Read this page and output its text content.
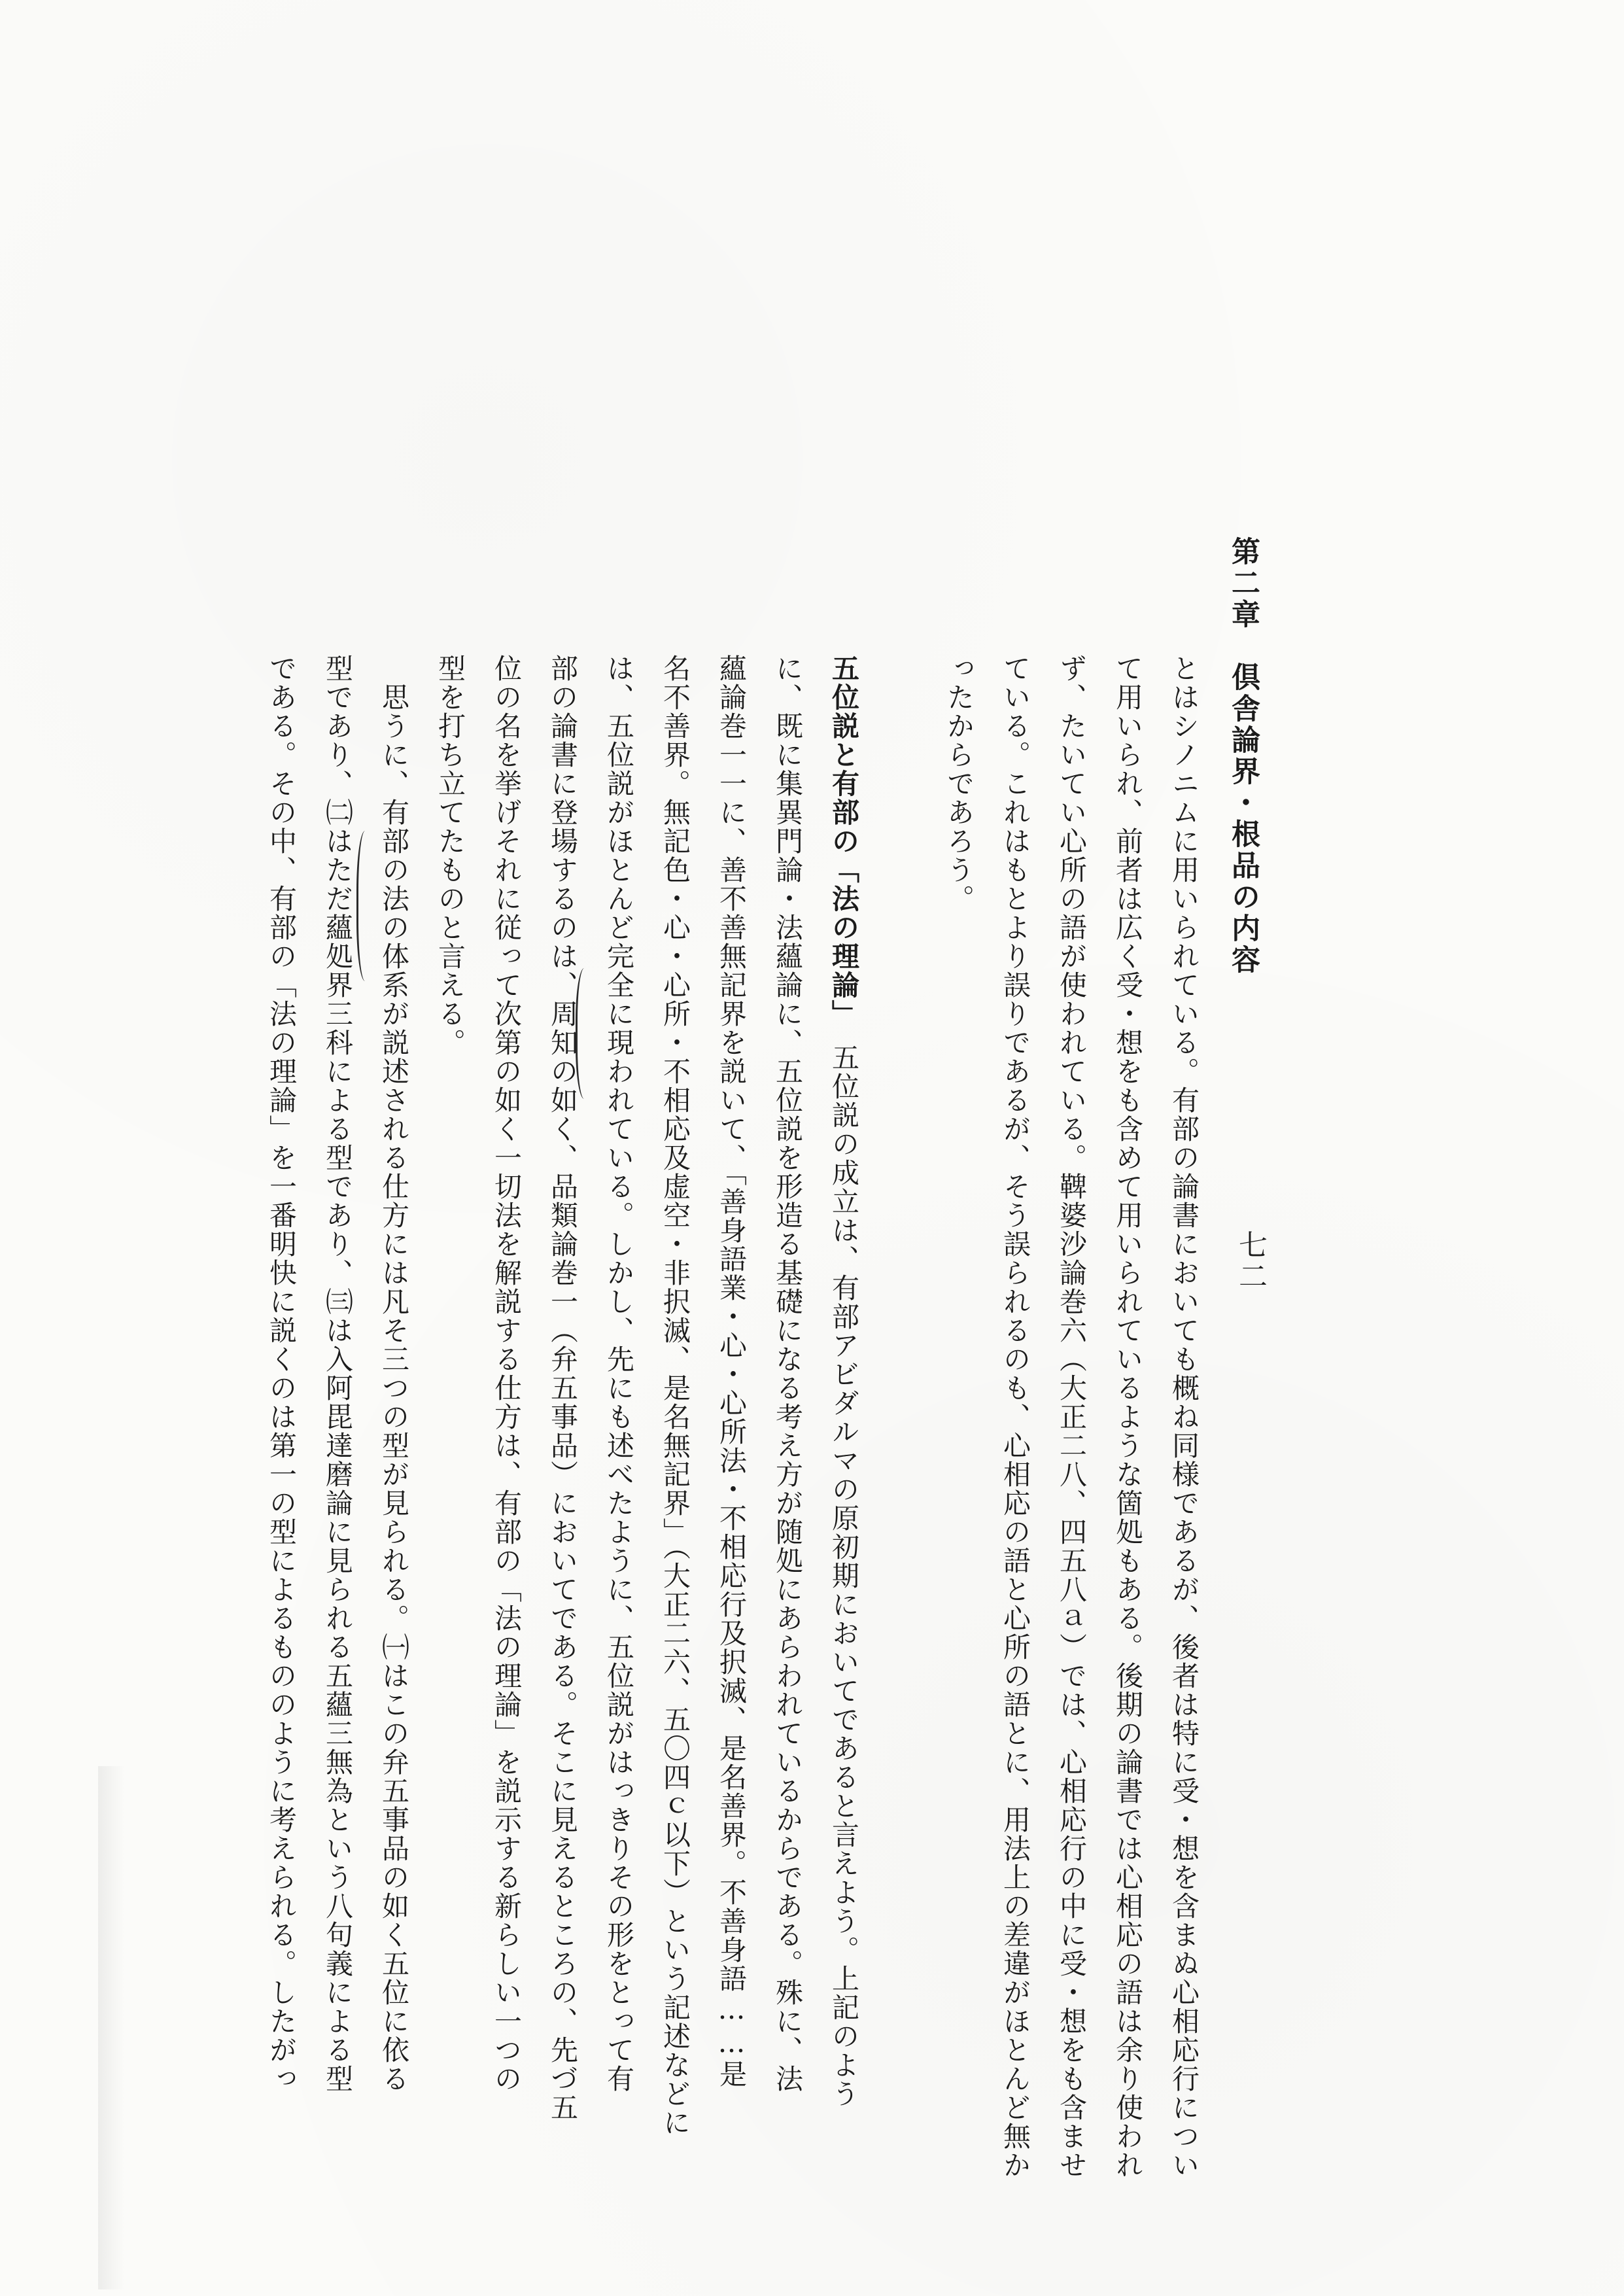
第二章　倶舎論界・根品の内容
七二
とはシノニムに用いられている。有部の論書においても概ね同様であるが、後者は特に受・想を含まぬ心相応行につい
て用いられ、前者は広く受・想をも含めて用いられているような箇処もある。後期の論書では心相応の語は余り使われ
ず、たいてい心所の語が使われている。鞞婆沙論巻六（大正二八、四五八ａ）では、心相応行の中に受・想をも含ませ
ている。これはもとより誤りであるが、そう誤られるのも、心相応の語と心所の語とに、用法上の差違がほとんど無か
ったからであろう。
五位説と有部の「法の理論」　五位説の成立は、有部アビダルマの原初期においてであると言えよう。上記のよう
に、既に集異門論・法蘊論に、五位説を形造る基礎になる考え方が随処にあらわれているからである。殊に、法
蘊論巻一一に、善不善無記界を説いて、「善身語業・心・心所法・不相応行及択滅、是名善界。不善身語……是
名不善界。無記色・心・心所・不相応及虚空・非択滅、是名無記界」（大正二六、五〇四ｃ以下）という記述などに
は、五位説がほとんど完全に現われている。しかし、先にも述べたように、五位説がはっきりその形をとって有
部の論書に登場するのは、周知の如く、品類論巻一（弁五事品）においてである。そこに見えるところの、先づ五
位の名を挙げそれに従って次第の如く一切法を解説する仕方は、有部の「法の理論」を説示する新らしい一つの
型を打ち立てたものと言える。
　思うに、有部の法の体系が説述される仕方には凡そ三つの型が見られる。㈠はこの弁五事品の如く五位に依る
型であり、㈡はただ蘊処界三科による型であり、㈢は入阿毘達磨論に見られる五蘊三無為という八句義による型
である。その中、有部の「法の理論」を一番明快に説くのは第一の型によるもののように考えられる。したがっ
